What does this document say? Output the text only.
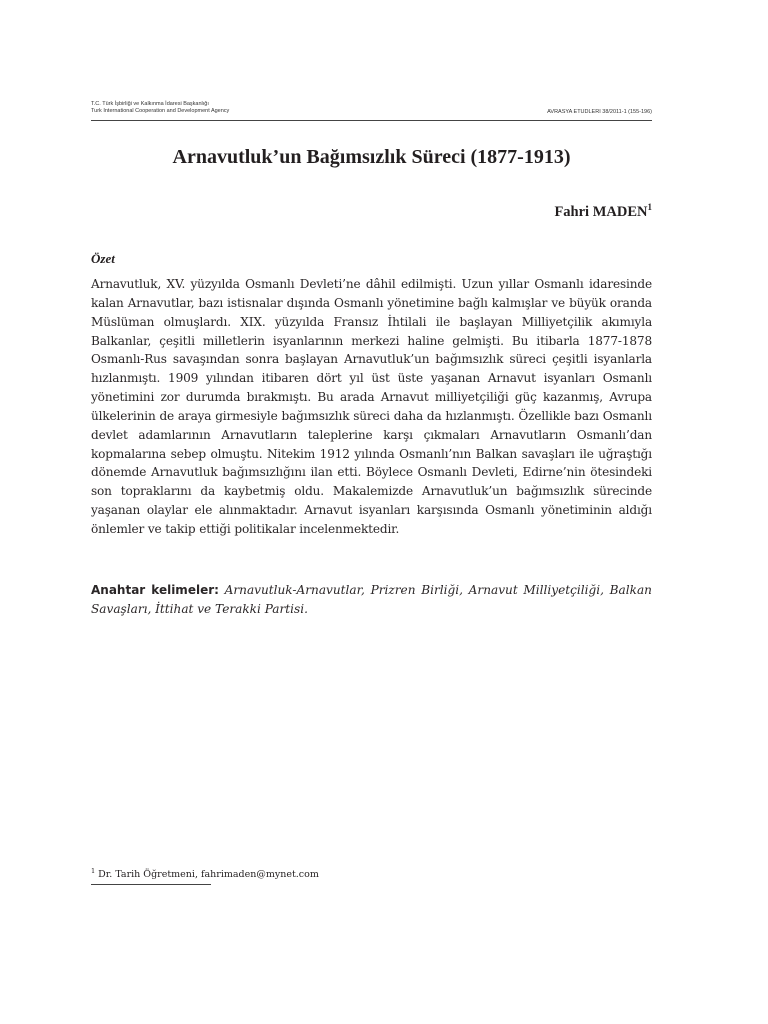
T.C. Türk İşbirliği ve Kalkınma İdaresi Başkanlığı
Turk International Cooperation and Development Agency	AVRASYA ETUDLERI 38/2011-1 (155-196)
Arnavutluk’un Bağımsızlık Süreci (1877-1913)
Fahri MADEN$^1$
Özet
Arnavutluk, XV. yüzyılda Osmanlı Devleti’ne dâhil edilmişti. Uzun yıllar Osmanlı idaresinde kalan Arnavutlar, bazı istisnalar dışında Osmanlı yönetimine bağlı kalmışlar ve büyük oranda Müslüman olmuşlardı. XIX. yüzyılda Fransız İhtilali ile başlayan Milliyetçilik akımıyla Balkanlar, çeşitli milletlerin isyanlarının merkezi haline gelmişti. Bu itibarla 1877-1878 Osmanlı-Rus savaşından sonra başlayan Arnavutluk’un bağımsızlık süreci çeşitli isyanlarla hızlanmıştı. 1909 yılından itibaren dört yıl üst üste yaşanan Arnavut isyanları Osmanlı yönetimini zor durumda bırakmıştı. Bu arada Arnavut milliyetçiliği güç kazanmış, Avrupa ülkelerinin de araya girmesiyle bağımsızlık süreci daha da hızlanmıştı. Özellikle bazı Osmanlı devlet adamlarının Arnavutların taleplerine karşı çıkmaları Arnavutların Osmanlı’dan kopmalarına sebep olmuştu. Nitekim 1912 yılında Osmanlı’nın Balkan savaşları ile uğraştığı dönemde Arnavutluk bağımsızlığını ilan etti. Böylece Osmanlı Devleti, Edirne’nin ötesindeki son topraklarını da kaybetmiş oldu. Makalemizde Arnavutluk’un bağımsızlık sürecinde yaşanan olaylar ele alınmaktadır. Arnavut isyanları karşısında Osmanlı yönetiminin aldığı önlemler ve takip ettiği politikalar incelenmektedir.
Anahtar kelimeler: Arnavutluk-Arnavutlar, Prizren Birliği, Arnavut Milliyetçiliği, Balkan Savaşları, İttihat ve Terakki Partisi.
$^1$ Dr. Tarih Öğretmeni, fahrimaden@mynet.com
